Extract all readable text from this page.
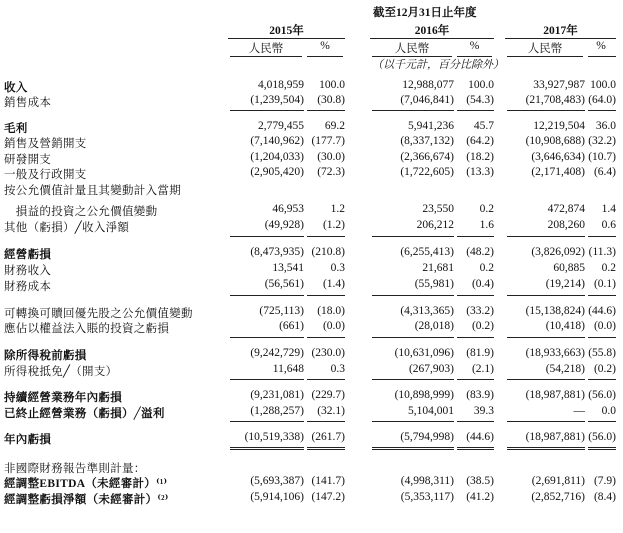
截至12月31日止年度
2015年	2016年	2017年
人民幣	%	人民幣	%	人民幣	%
（以千元計，百分比除外）
收入	4,018,959	100.0	12,988,077	100.0	33,927,987 100.0
銷售成本	(1,239,504)	(30.8)	(7,046,841)	(54.3)	(21,708,483) (64.0)
毛利	2,779,455	69.2	5,941,236	45.7	12,219,504 36.0
銷售及營銷開支	(7,140,962) (177.7)	(8,337,132)	(64.2)	(10,908,688) (32.2)
研發開支	(1,204,033)	(30.0)	(2,366,674)	(18.2)	(3,646,634) (10.7)
一般及行政開支	(2,905,420)	(72.3)	(1,722,605)	(13.3)	(2,171,408) (6.4)
按公允價值計量且其變動計入當期
　損益的投資之公允價值變動	46,953	1.2	23,550	0.2	472,874	1.4
其他（虧損）╱收入淨額	(49,928)	(1.2)	206,212	1.6	208,260	0.6
經營虧損	(8,473,935) (210.8)	(6,255,413)	(48.2)	(3,826,092) (11.3)
財務收入	13,541	0.3	21,681	0.2	60,885	0.2
財務成本	(56,561)	(1.4)	(55,981)	(0.4)	(19,214) (0.1)
可轉換可贖回優先股之公允價值變動	(725,113)	(18.0)	(4,313,365)	(33.2)	(15,138,824) (44.6)
應佔以權益法入賬的投資之虧損	(661)	(0.0)	(28,018)	(0.2)	(10,418) (0.0)
除所得稅前虧損	(9,242,729) (230.0)	(10,631,096)	(81.9)	(18,933,663) (55.8)
所得稅抵免╱（開支）	11,648	0.3	(267,903)	(2.1)	(54,218) (0.2)
持續經營業務年內虧損	(9,231,081) (229.7)	(10,898,999)	(83.9)	(18,987,881) (56.0)
已終止經營業務（虧損）╱溢利	(1,288,257)	(32.1)	5,104,001	39.3	—	0.0
年內虧損	(10,519,338) (261.7)	(5,794,998)	(44.6)	(18,987,881) (56.0)
非國際財務報告準則計量：
經調整EBITDA（未經審計）⁽¹⁾	(5,693,387) (141.7)	(4,998,311)	(38.5)	(2,691,811) (7.9)
經調整虧損淨額（未經審計）⁽²⁾	(5,914,106) (147.2)	(5,353,117)	(41.2)	(2,852,716) (8.4)
